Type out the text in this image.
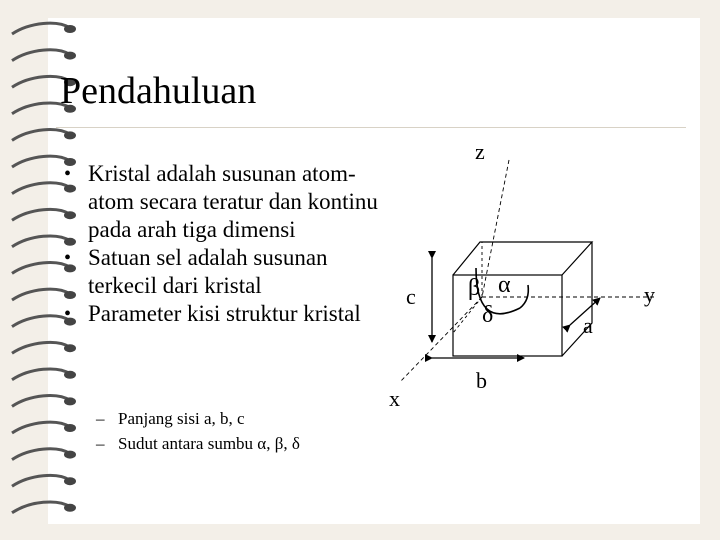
Pendahuluan
• Kristal adalah susunan atom-atom secara teratur dan kontinu pada arah tiga dimensi
• Satuan sel adalah susunan terkecil dari kristal
• Parameter kisi struktur kristal
– Panjang sisi a, b, c
– Sudut antara sumbu α, β, δ
z
x
y
c
b
a
β α
δ
